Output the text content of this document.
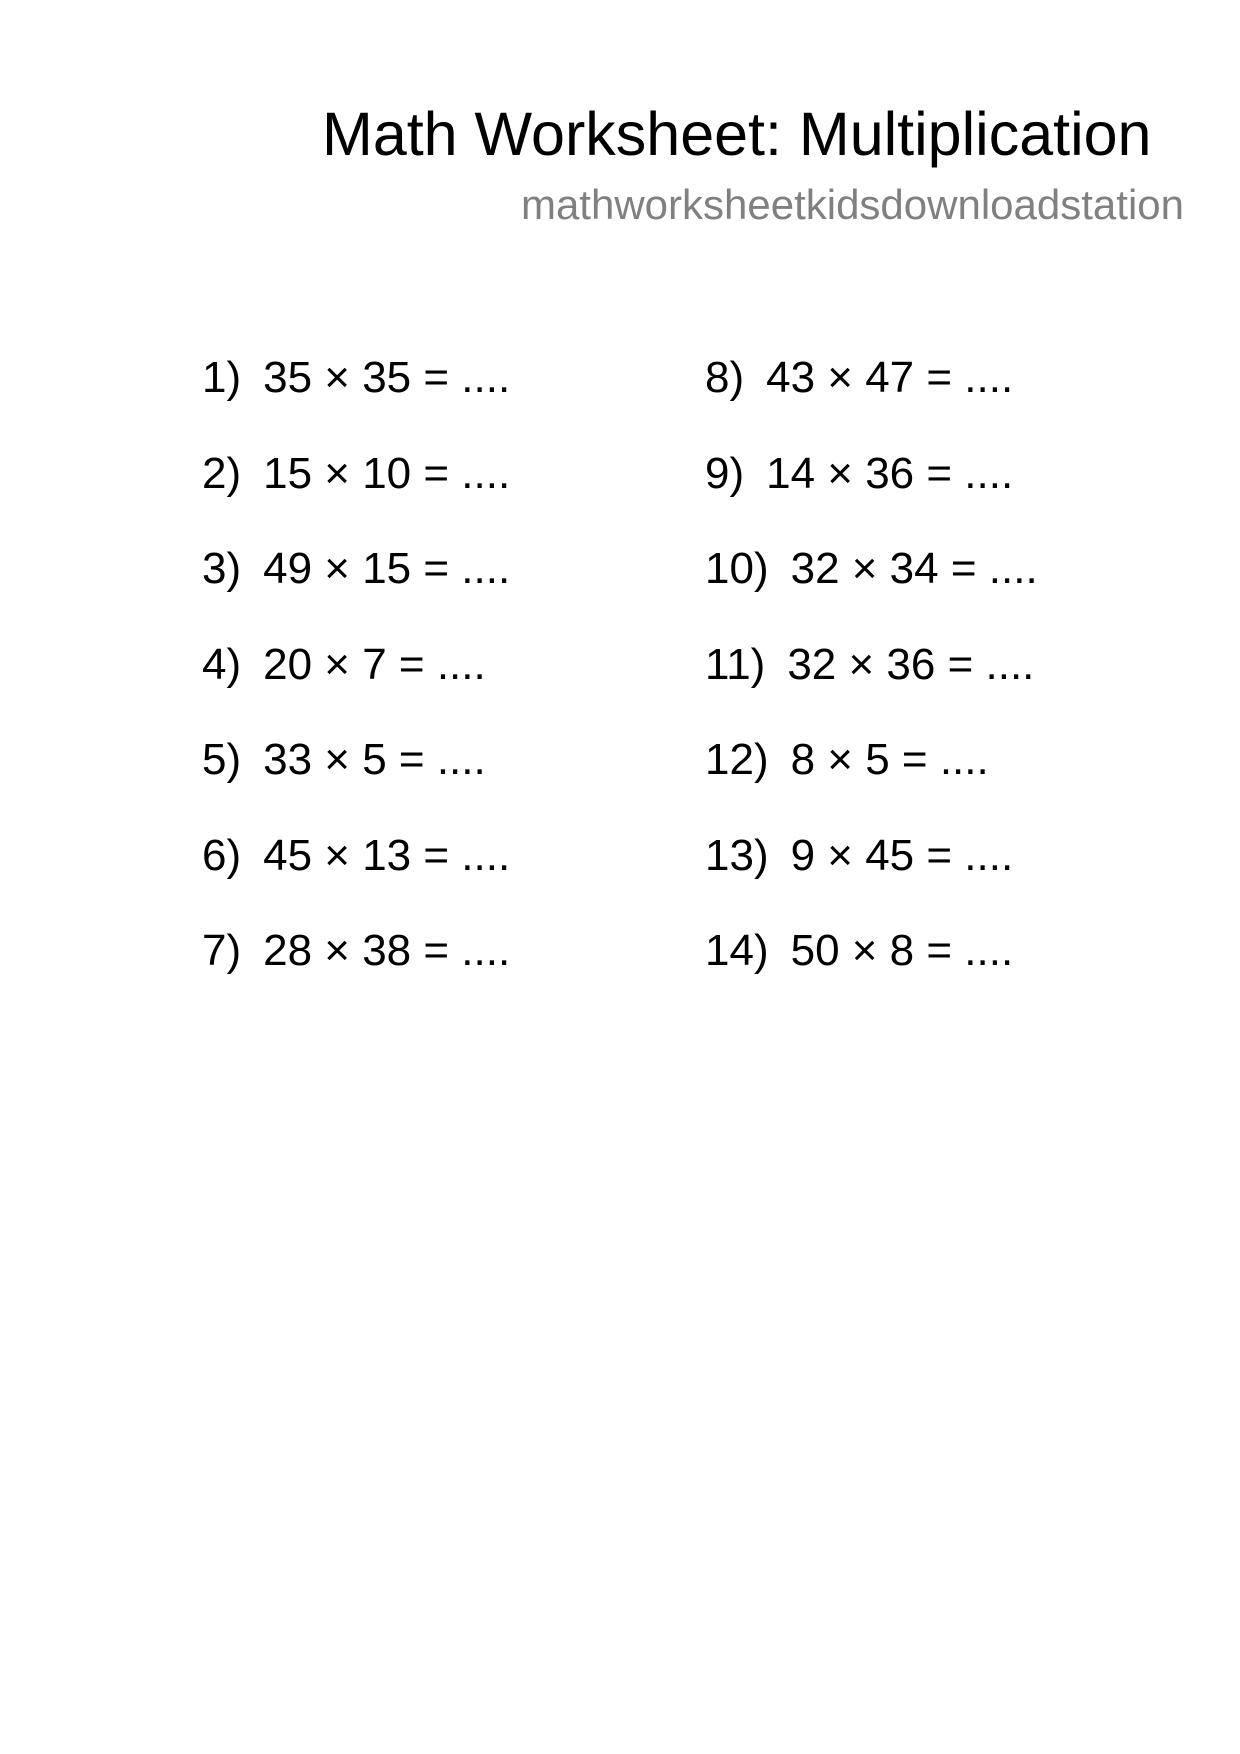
Math Worksheet: Multiplication
mathworksheetkidsdownloadstation
1) 35 × 35 = ....
2) 15 × 10 = ....
3) 49 × 15 = ....
4) 20 × 7 = ....
5) 33 × 5 = ....
6) 45 × 13 = ....
7) 28 × 38 = ....
8) 43 × 47 = ....
9) 14 × 36 = ....
10) 32 × 34 = ....
11) 32 × 36 = ....
12) 8 × 5 = ....
13) 9 × 45 = ....
14) 50 × 8 = ....
